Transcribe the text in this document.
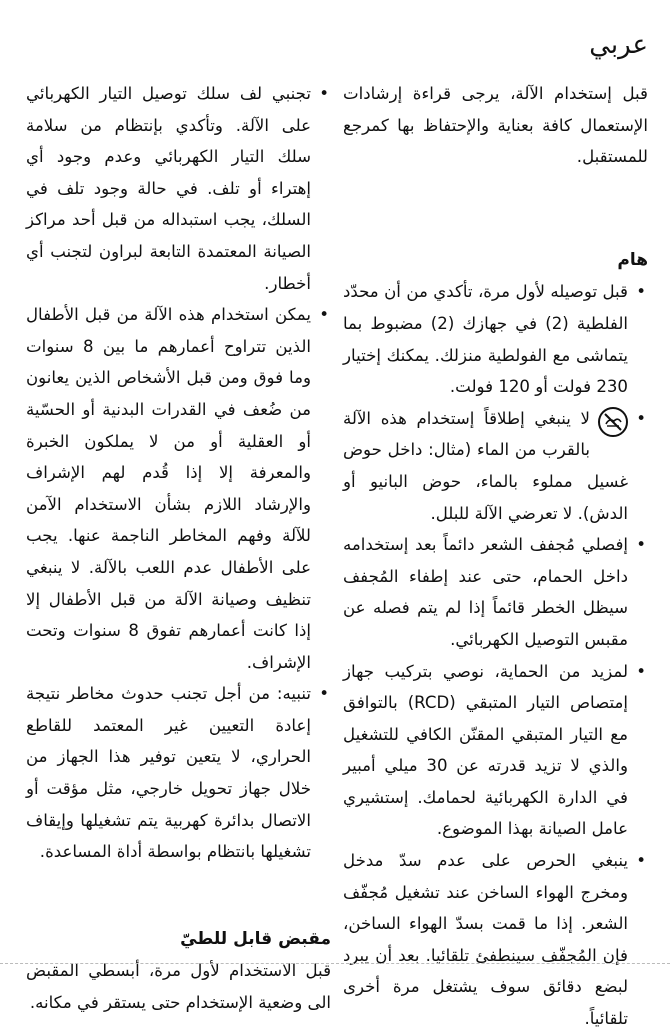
عربي

قبل إستخدام الآلة، يرجى قراءة إرشادات الإستعمال كافة بعناية والإحتفاظ بها كمرجع للمستقبل.

هام

• قبل توصيله لأول مرة، تأكدي من أن محدّد الفلطية (2) في جهازك (2) مضبوط بما يتماشى مع الفولطية منزلك. يمكنك إختيار 230 فولت أو 120 فولت.
• لا ينبغي إطلاقاً إستخدام هذه الآلة بالقرب من الماء (مثال: داخل حوض غسيل مملوء بالماء، حوض البانيو أو الدش). لا تعرضي الآلة للبلل.
• إفصلي مُجفف الشعر دائماً بعد إستخدامه داخل الحمام، حتى عند إطفاء المُجفف سيظل الخطر قائماً إذا لم يتم فصله عن مقبس التوصيل الكهربائي.
• لمزيد من الحماية، نوصي بتركيب جهاز إمتصاص التيار المتبقي (RCD) بالتوافق مع التيار المتبقي المقنّن الكافي للتشغيل والذي لا تزيد قدرته عن 30 ميلي أمبير في الدارة الكهربائية لحمامك. إستشيري عامل الصيانة بهذا الموضوع.
• ينبغي الحرص على عدم سدّ مدخل ومخرج الهواء الساخن عند تشغيل مُجفّف الشعر. إذا ما قمت بسدّ الهواء الساخن، فإن المُجفّف سينطفئ تلقائيا. بعد أن يبرد لبضع دقائق سوف يشتغل مرة أخرى تلقائياً.
• تجنبي لف سلك توصيل التيار الكهربائي على الآلة. وتأكدي بإنتظام من سلامة سلك التيار الكهربائي وعدم وجود أي إهتراء أو تلف. في حالة وجود تلف في السلك، يجب استبداله من قبل أحد مراكز الصيانة المعتمدة التابعة لبراون لتجنب أي أخطار.
• يمكن استخدام هذه الآلة من قبل الأطفال الذين تتراوح أعمارهم ما بين 8 سنوات وما فوق ومن قبل الأشخاص الذين يعانون من ضُعف في القدرات البدنية أو الحسّية أو العقلية أو من لا يملكون الخبرة والمعرفة إلا إذا قُدم لهم الإشراف والإرشاد اللازم بشأن الاستخدام الآمن للآلة وفهم المخاطر الناجمة عنها. يجب على الأطفال عدم اللعب بالآلة. لا ينبغي تنظيف وصيانة الآلة من قبل الأطفال إلا إذا كانت أعمارهم تفوق 8 سنوات وتحت الإشراف.
• تنبيه: من أجل تجنب حدوث مخاطر نتيجة إعادة التعيين غير المعتمد للقاطع الحراري، لا يتعين توفير هذا الجهاز من خلال جهاز تحويل خارجي، مثل مؤقت أو الاتصال بدائرة كهربية يتم تشغيلها وإيقاف تشغيلها بانتظام بواسطة أداة المساعدة.

مقبض قابل للطيّ

قبل الاستخدام لأول مرة، أبسطي المقبض الى وضعية الإستخدام حتى يستقر في مكانه.
